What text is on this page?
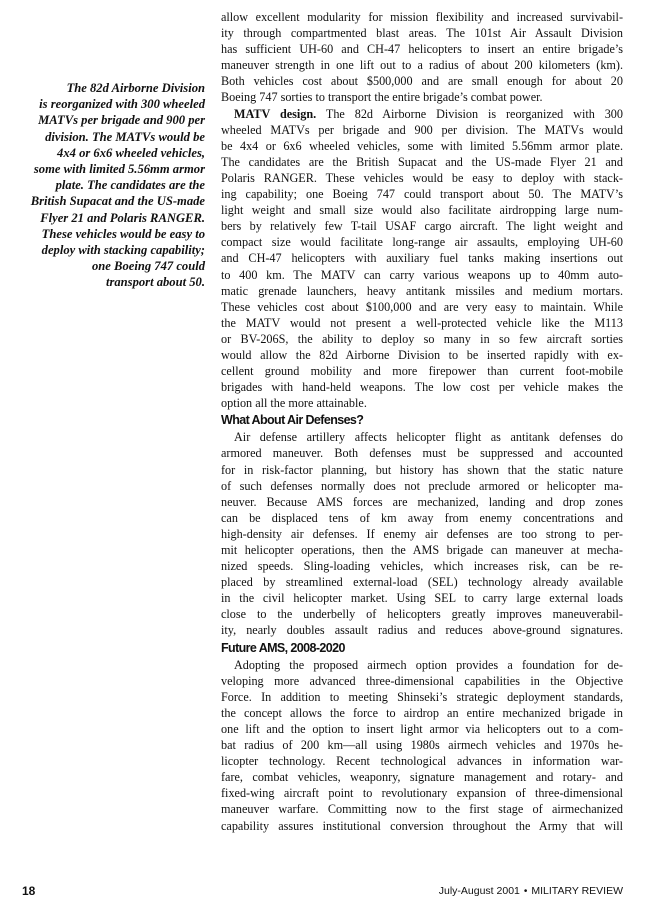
The 82d Airborne Division
is reorganized with 300 wheeled
MATVs per brigade and 900 per
division. The MATVs would be
4x4 or 6x6 wheeled vehicles,
some with limited 5.56mm armor
plate. The candidates are the
British Supacat and the US-made
Flyer 21 and Polaris RANGER.
These vehicles would be easy to
deploy with stacking capability;
one Boeing 747 could
transport about 50.
allow excellent modularity for mission flexibility and increased survivabil-
ity through compartmented blast areas. The 101st Air Assault Division
has sufficient UH-60 and CH-47 helicopters to insert an entire brigade’s
maneuver strength in one lift out to a radius of about 200 kilometers (km).
Both vehicles cost about $500,000 and are small enough for about 20
Boeing 747 sorties to transport the entire brigade’s combat power.
MATV design. The 82d Airborne Division is reorganized with 300
wheeled MATVs per brigade and 900 per division. The MATVs would
be 4x4 or 6x6 wheeled vehicles, some with limited 5.56mm armor plate.
The candidates are the British Supacat and the US-made Flyer 21 and
Polaris RANGER. These vehicles would be easy to deploy with stack-
ing capability; one Boeing 747 could transport about 50. The MATV’s
light weight and small size would also facilitate airdropping large num-
bers by relatively few T-tail USAF cargo aircraft. The light weight and
compact size would facilitate long-range air assaults, employing UH-60
and CH-47 helicopters with auxiliary fuel tanks making insertions out
to 400 km. The MATV can carry various weapons up to 40mm auto-
matic grenade launchers, heavy antitank missiles and medium mortars.
These vehicles cost about $100,000 and are very easy to maintain. While
the MATV would not present a well-protected vehicle like the M113
or BV-206S, the ability to deploy so many in so few aircraft sorties
would allow the 82d Airborne Division to be inserted rapidly with ex-
cellent ground mobility and more firepower than current foot-mobile
brigades with hand-held weapons. The low cost per vehicle makes the
option all the more attainable.
What About Air Defenses?
Air defense artillery affects helicopter flight as antitank defenses do
armored maneuver. Both defenses must be suppressed and accounted
for in risk-factor planning, but history has shown that the static nature
of such defenses normally does not preclude armored or helicopter ma-
neuver. Because AMS forces are mechanized, landing and drop zones
can be displaced tens of km away from enemy concentrations and
high-density air defenses. If enemy air defenses are too strong to per-
mit helicopter operations, then the AMS brigade can maneuver at mecha-
nized speeds. Sling-loading vehicles, which increases risk, can be re-
placed by streamlined external-load (SEL) technology already available
in the civil helicopter market. Using SEL to carry large external loads
close to the underbelly of helicopters greatly improves maneuverabil-
ity, nearly doubles assault radius and reduces above-ground signatures.
Future AMS, 2008-2020
Adopting the proposed airmech option provides a foundation for de-
veloping more advanced three-dimensional capabilities in the Objective
Force. In addition to meeting Shinseki’s strategic deployment standards,
the concept allows the force to airdrop an entire mechanized brigade in
one lift and the option to insert light armor via helicopters out to a com-
bat radius of 200 km—all using 1980s airmech vehicles and 1970s he-
licopter technology. Recent technological advances in information war-
fare, combat vehicles, weaponry, signature management and rotary- and
fixed-wing aircraft point to revolutionary expansion of three-dimensional
maneuver warfare. Committing now to the first stage of airmechanized
capability assures institutional conversion throughout the Army that will
18	July-August 2001 • MILITARY REVIEW
